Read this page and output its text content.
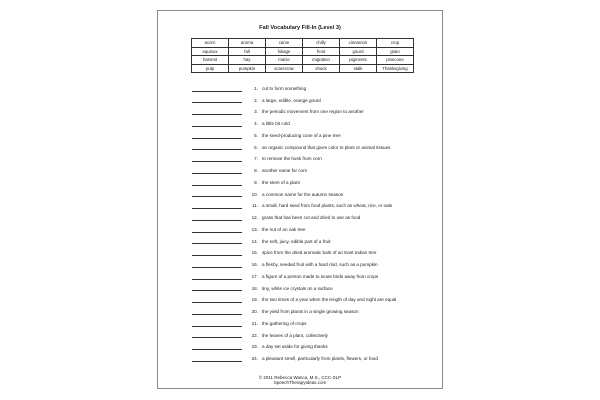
Fall Vocabulary Fill-In (Level 3)
acorn	aroma	carve	chilly	cinnamon	crop
equinox	fall	foliage	frost	gourd	grain
harvest	hay	maize	migration	pigments	pinecone
pulp	pumpkin	scarecrow	shuck	stalk	Thanksgiving
1. cut to form something
2. a large, edible, orange gourd
3. the periodic movement from one region to another
4. a little bit cold
5. the seed-producing cone of a pine tree
6. an organic compound that gives color to plant or animal tissues
7. to remove the husk from corn
8. another name for corn
9. the stem of a plant
10. a common name for the autumn season
11. a small, hard seed from food plants, such as wheat, rice, or oats
12. grass that has been cut and dried to use as food
13. the nut of an oak tree
14. the soft, juicy, edible part of a fruit
15. spice from the dried aromatic bark of an East Indian tree
16. a fleshy, seeded fruit with a hard rind, such as a pumpkin
17. a figure of a person made to scare birds away from crops
18. tiny, white ice crystals on a surface
19. the two times of a year when the length of day and night are equal
20. the yield from plants in a single growing season
21. the gathering of crops
22. the leaves of a plant, collectively
23. a day set aside for giving thanks
24. a pleasant smell, particularly from plants, flowers, or food
© 2011 Rebecca Wanca, M.S., CCC-SLP
SpeechTherapyIdeas.com
